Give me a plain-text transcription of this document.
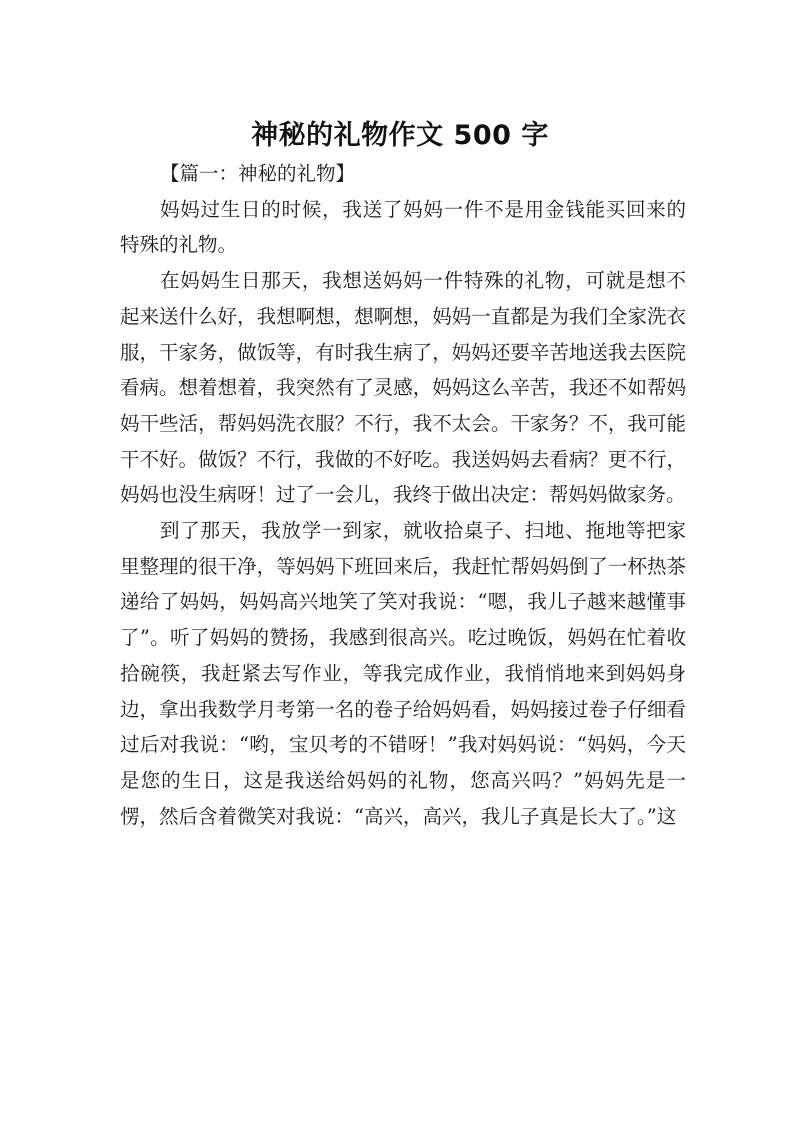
神秘的礼物作文 500 字

【篇一：神秘的礼物】

妈妈过生日的时候，我送了妈妈一件不是用金钱能买回来的特殊的礼物。

在妈妈生日那天，我想送妈妈一件特殊的礼物，可就是想不起来送什么好，我想啊想，想啊想，妈妈一直都是为我们全家洗衣服，干家务，做饭等，有时我生病了，妈妈还要辛苦地送我去医院看病。想着想着，我突然有了灵感，妈妈这么辛苦，我还不如帮妈妈干些活，帮妈妈洗衣服？不行，我不太会。干家务？不，我可能干不好。做饭？不行，我做的不好吃。我送妈妈去看病？更不行，妈妈也没生病呀！过了一会儿，我终于做出决定：帮妈妈做家务。

到了那天，我放学一到家，就收拾桌子、扫地、拖地等把家里整理的很干净，等妈妈下班回来后，我赶忙帮妈妈倒了一杯热茶递给了妈妈，妈妈高兴地笑了笑对我说：“嗯，我儿子越来越懂事了”。听了妈妈的赞扬，我感到很高兴。吃过晚饭，妈妈在忙着收拾碗筷，我赶紧去写作业，等我完成作业，我悄悄地来到妈妈身边，拿出我数学月考第一名的卷子给妈妈看，妈妈接过卷子仔细看过后对我说：“哟，宝贝考的不错呀！”我对妈妈说：“妈妈，今天是您的生日，这是我送给妈妈的礼物，您高兴吗？”妈妈先是一愣，然后含着微笑对我说：“高兴，高兴，我儿子真是长大了。”这
